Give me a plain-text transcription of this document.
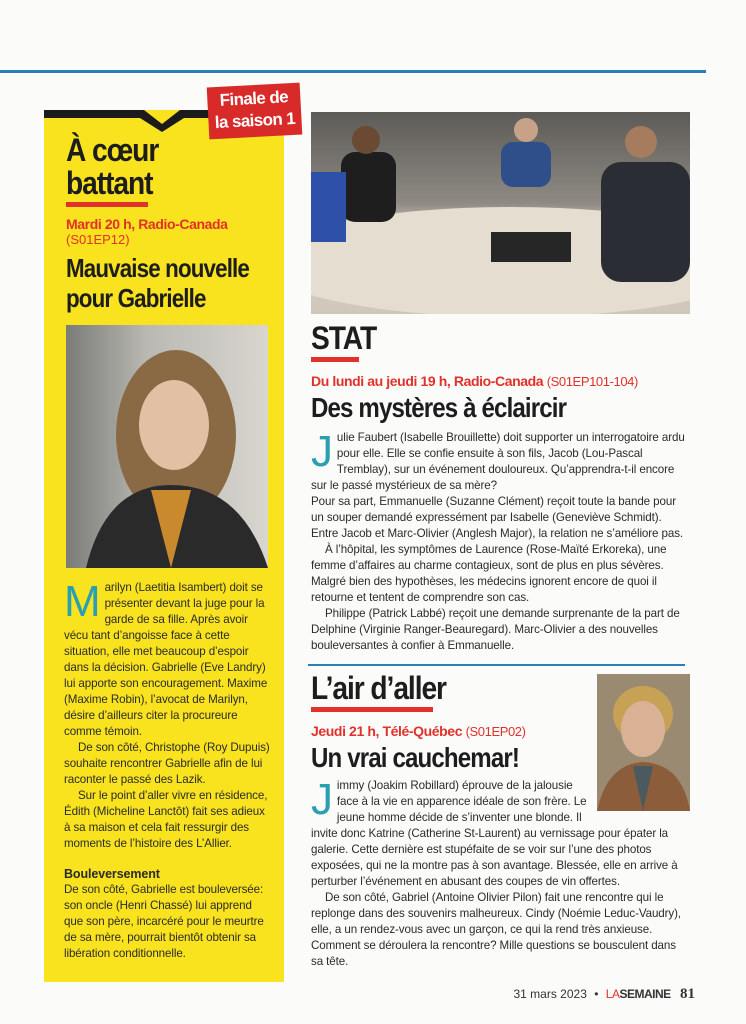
Finale de
la saison 1
À cœur
battant
Mardi 20 h, Radio-Canada
(S01EP12)
Mauvaise nouvelle
pour Gabrielle

Marilyn (Laetitia Isambert) doit se présenter devant la juge pour la garde de sa fille. Après avoir vécu tant d’angoisse face à cette situation, elle met beaucoup d’espoir dans la décision. Gabrielle (Eve Landry) lui apporte son encouragement. Maxime (Maxime Robin), l’avocat de Marilyn, désire d’ailleurs citer la procureure comme témoin.

De son côté, Christophe (Roy Dupuis) souhaite rencontrer Gabrielle afin de lui raconter le passé des Lazik.

Sur le point d’aller vivre en résidence, Édith (Micheline Lanctôt) fait ses adieux à sa maison et cela fait ressurgir des moments de l’histoire des L’Allier.

Bouleversement

De son côté, Gabrielle est bouleversée: son oncle (Henri Chassé) lui apprend que son père, incarcéré pour le meurtre de sa mère, pourrait bientôt obtenir sa libération conditionnelle.

STAT
Du lundi au jeudi 19 h, Radio-Canada (S01EP101-104)
Des mystères à éclaircir

Julie Faubert (Isabelle Brouillette) doit supporter un interrogatoire ardu pour elle. Elle se confie ensuite à son fils, Jacob (Lou-Pascal Tremblay), sur un événement douloureux. Qu’apprendra-t-il encore sur le passé mystérieux de sa mère?

Pour sa part, Emmanuelle (Suzanne Clément) reçoit toute la bande pour un souper demandé expressément par Isabelle (Geneviève Schmidt). Entre Jacob et Marc-Olivier (Anglesh Major), la relation ne s’améliore pas.

À l’hôpital, les symptômes de Laurence (Rose-Maïté Erkoreka), une femme d’affaires au charme contagieux, sont de plus en plus sévères. Malgré bien des hypothèses, les médecins ignorent encore de quoi il retourne et tentent de comprendre son cas.

Philippe (Patrick Labbé) reçoit une demande surprenante de la part de Delphine (Virginie Ranger-Beauregard). Marc-Olivier a des nouvelles bouleversantes à confier à Emmanuelle.

L’air d’aller
Jeudi 21 h, Télé-Québec (S01EP02)
Un vrai cauchemar!

Jimmy (Joakim Robillard) éprouve de la jalousie face à la vie en apparence idéale de son frère. Le jeune homme décide de s’inventer une blonde. Il invite donc Katrine (Catherine St-Laurent) au vernissage pour épater la galerie. Cette dernière est stupéfaite de se voir sur l’une des photos exposées, qui ne la montre pas à son avantage. Blessée, elle en arrive à perturber l’événement en abusant des coupes de vin offertes.

De son côté, Gabriel (Antoine Olivier Pilon) fait une rencontre qui le replonge dans des souvenirs malheureux. Cindy (Noémie Leduc-Vaudry), elle, a un rendez-vous avec un garçon, ce qui la rend très anxieuse. Comment se déroulera la rencontre? Mille questions se bousculent dans sa tête.

31 mars 2023 • LASEMAINE 81
